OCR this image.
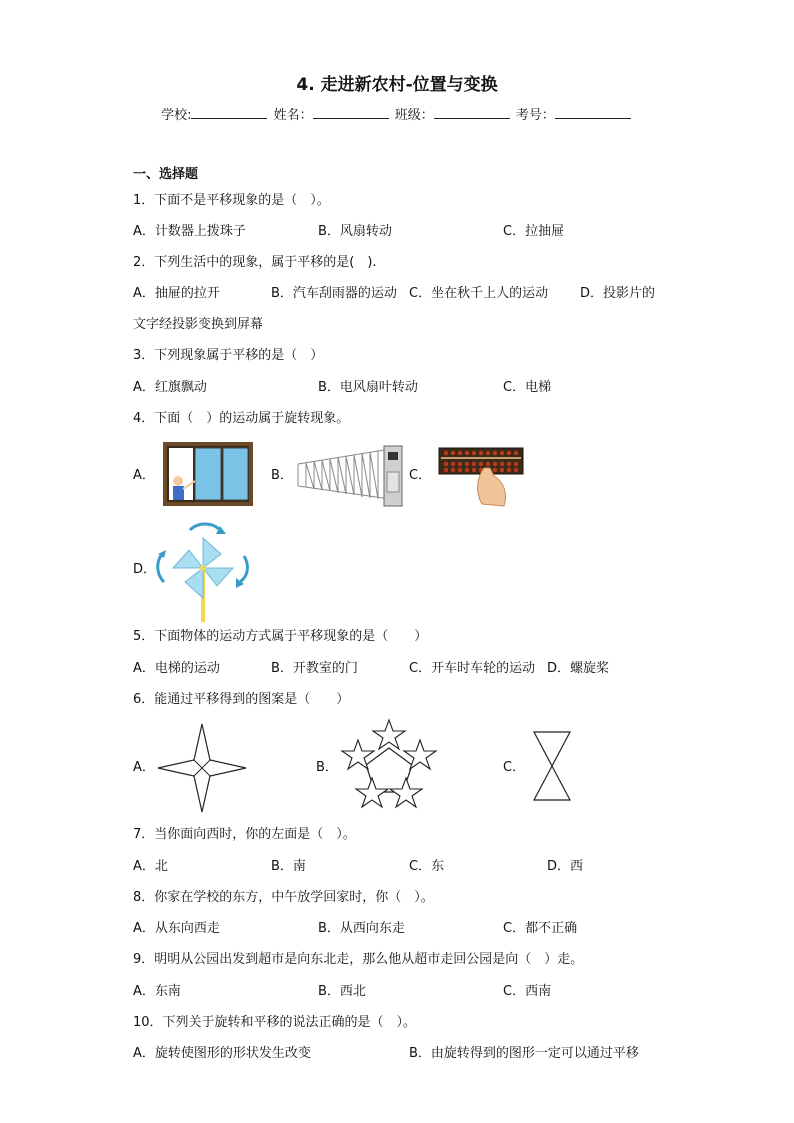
4. 走进新农村-位置与变换
学校:	姓名：	班级：	考号：
一、选择题
1．下面不是平移现象的是（　）。
A．计数器上拨珠子	B．风扇转动	C．拉抽屉
2．下列生活中的现象，属于平移的是(　).
A．抽屉的拉开	B．汽车刮雨器的运动 C．坐在秋千上人的运动 D．投影片的
文字经投影变换到屏幕
3．下列现象属于平移的是（　）
A．红旗飘动	B．电风扇叶转动	C．电梯
4．下面（　）的运动属于旋转现象。
A．	B．	C．
D．
5．下面物体的运动方式属于平移现象的是（　　）
A．电梯的运动	B．开教室的门	C．开车时车轮的运动 D．螺旋桨
6．能通过平移得到的图案是（　　）
A．	B．	C．
7．当你面向西时，你的左面是（　）。
A．北	B．南	C．东	D．西
8．你家在学校的东方，中午放学回家时，你（　）。
A．从东向西走	B．从西向东走	C．都不正确
9．明明从公园出发到超市是向东北走，那么他从超市走回公园是向（　）走。
A．东南	B．西北	C．西南
10．下列关于旋转和平移的说法正确的是（　）。
A．旋转使图形的形状发生改变	B．由旋转得到的图形一定可以通过平移
